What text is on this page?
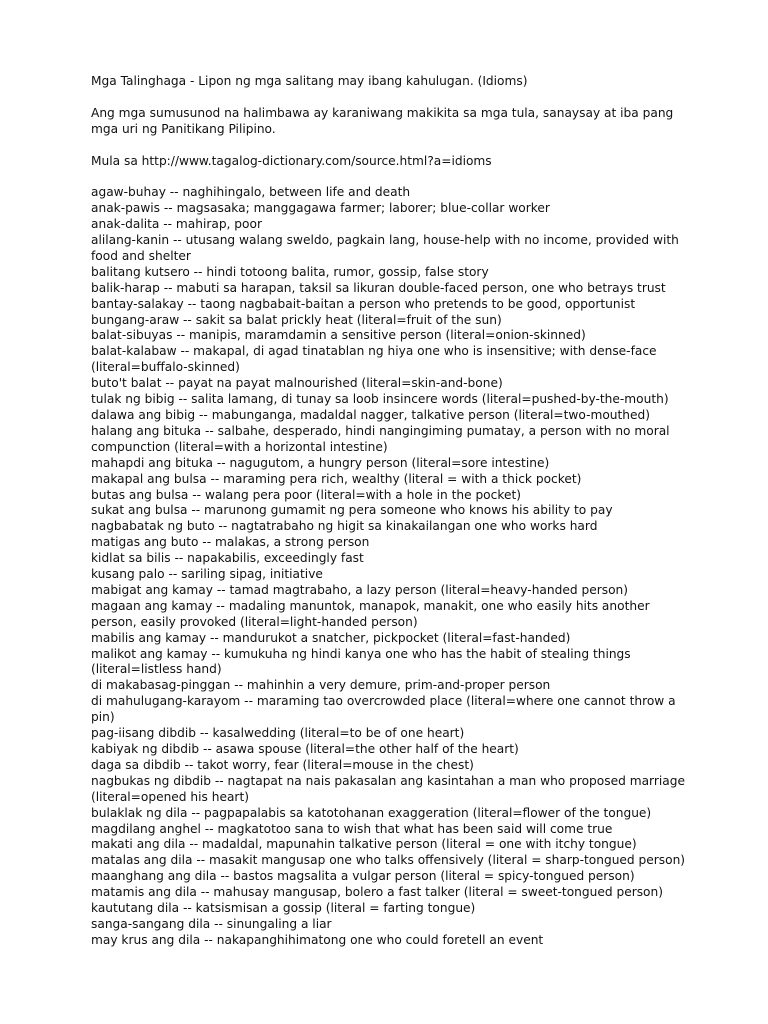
Mga Talinghaga - Lipon ng mga salitang may ibang kahulugan. (Idioms)

Ang mga sumusunod na halimbawa ay karaniwang makikita sa mga tula, sanaysay at iba pang mga uri ng Panitikang Pilipino.

Mula sa http://www.tagalog-dictionary.com/source.html?a=idioms

agaw-buhay -- naghihingalo, between life and death
anak-pawis -- magsasaka; manggagawa farmer; laborer; blue-collar worker
anak-dalita -- mahirap, poor
alilang-kanin -- utusang walang sweldo, pagkain lang, house-help with no income, provided with food and shelter
balitang kutsero -- hindi totoong balita, rumor, gossip, false story
balik-harap -- mabuti sa harapan, taksil sa likuran double-faced person, one who betrays trust
bantay-salakay -- taong nagbabait-baitan a person who pretends to be good, opportunist
bungang-araw -- sakit sa balat prickly heat (literal=fruit of the sun)
balat-sibuyas -- manipis, maramdamin a sensitive person (literal=onion-skinned)
balat-kalabaw -- makapal, di agad tinatablan ng hiya one who is insensitive; with dense-face (literal=buffalo-skinned)
buto't balat -- payat na payat malnourished (literal=skin-and-bone)
tulak ng bibig -- salita lamang, di tunay sa loob insincere words (literal=pushed-by-the-mouth)
dalawa ang bibig -- mabunganga, madaldal nagger, talkative person (literal=two-mouthed)
halang ang bituka -- salbahe, desperado, hindi nangingiming pumatay, a person with no moral compunction (literal=with a horizontal intestine)
mahapdi ang bituka -- nagugutom, a hungry person (literal=sore intestine)
makapal ang bulsa -- maraming pera rich, wealthy (literal = with a thick pocket)
butas ang bulsa -- walang pera poor (literal=with a hole in the pocket)
sukat ang bulsa -- marunong gumamit ng pera someone who knows his ability to pay
nagbabatak ng buto -- nagtatrabaho ng higit sa kinakailangan one who works hard
matigas ang buto -- malakas, a strong person
kidlat sa bilis -- napakabilis, exceedingly fast
kusang palo -- sariling sipag, initiative
mabigat ang kamay -- tamad magtrabaho, a lazy person (literal=heavy-handed person)
magaan ang kamay -- madaling manuntok, manapok, manakit, one who easily hits another person, easily provoked (literal=light-handed person)
mabilis ang kamay -- mandurukot a snatcher, pickpocket (literal=fast-handed)
malikot ang kamay -- kumukuha ng hindi kanya one who has the habit of stealing things (literal=listless hand)
di makabasag-pinggan -- mahinhin a very demure, prim-and-proper person
di mahulugang-karayom -- maraming tao overcrowded place (literal=where one cannot throw a pin)
pag-iisang dibdib -- kasalwedding (literal=to be of one heart)
kabiyak ng dibdib -- asawa spouse (literal=the other half of the heart)
daga sa dibdib -- takot worry, fear (literal=mouse in the chest)
nagbukas ng dibdib -- nagtapat na nais pakasalan ang kasintahan a man who proposed marriage (literal=opened his heart)
bulaklak ng dila -- pagpapalabis sa katotohanan exaggeration (literal=flower of the tongue)
magdilang anghel -- magkatotoo sana to wish that what has been said will come true
makati ang dila -- madaldal, mapunahin talkative person (literal = one with itchy tongue)
matalas ang dila -- masakit mangusap one who talks offensively (literal = sharp-tongued person)
maanghang ang dila -- bastos magsalita a vulgar person (literal = spicy-tongued person)
matamis ang dila -- mahusay mangusap, bolero a fast talker (literal = sweet-tongued person)
kaututang dila -- katsismisan a gossip (literal = farting tongue)
sanga-sangang dila -- sinungaling a liar
may krus ang dila -- nakapanghihimatong one who could foretell an event
